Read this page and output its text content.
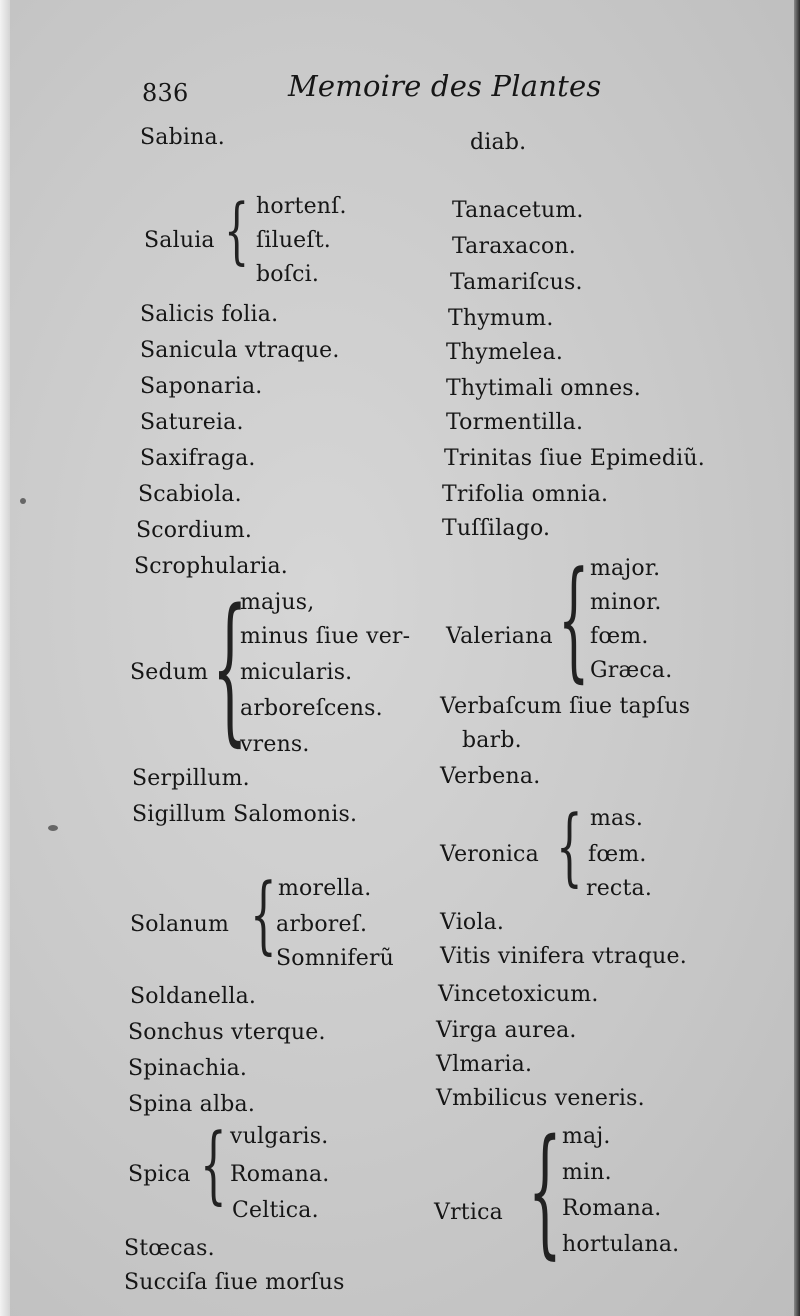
836	Memoire des Plantes
Sabina.
Saluia { hortenſ.
ſilueſt.
boſci.
Salicis folia.
Sanicula vtraque.
Saponaria.
Satureia.
Saxifraga.
Scabiola.
Scordium.
Scrophularia.
Sedum {
majus,
minus ſiue ver-
micularis.
arboreſcens.
vrens.
Serpillum.
Sigillum Salomonis.
Solanum { morella.
arboreſ.
Somniferũ
Soldanella.
Sonchus vterque.
Spinachia.
Spina alba.
Spica { vulgaris.
Romana.
Celtica.
Stœcas.
Succiſa ſiue morſus
diab.
Tanacetum.
Taraxacon.
Tamariſcus.
Thymum.
Thymelea.
Thytimali omnes.
Tormentilla.
Trinitas ſiue Epimediũ.
Trifolia omnia.
Tuſſilago.
Valeriana { major.
minor.
fœm.
Græca.
Verbaſcum ſiue tapſus
barb.
Verbena.
Veronica { mas.
fœm.
recta.
Viola.
Vitis vinifera vtraque.
Vincetoxicum.
Virga aurea.
Vlmaria.
Vmbilicus veneris.
Vrtica { maj.
min.
Romana.
hortulana.
